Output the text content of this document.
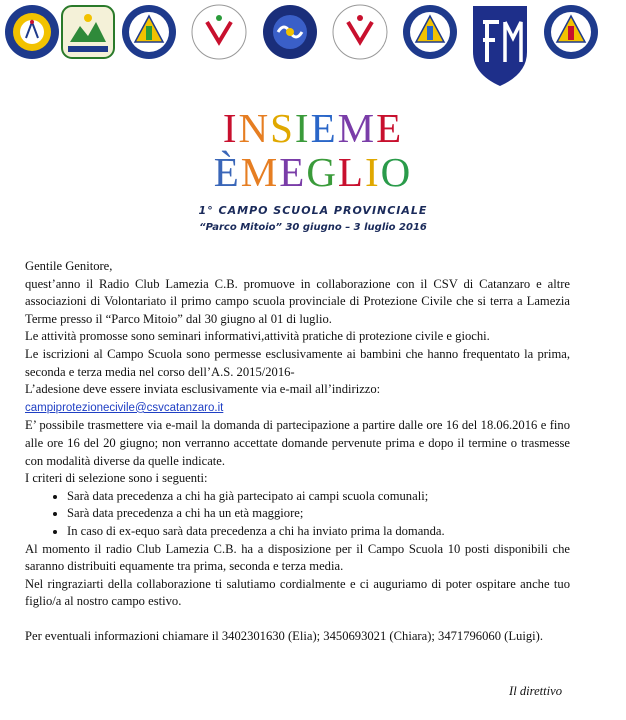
INSIEME
ÈMEGLIO
1° CAMPO SCUOLA PROVINCIALE
“Parco Mitoio” 30 giugno – 3 luglio 2016

Gentile Genitore,

quest’anno il Radio Club Lamezia C.B. promuove in collaborazione con il CSV di Catanzaro e altre associazioni di Volontariato il primo campo scuola provinciale di Protezione Civile che si terra a Lamezia Terme presso il “Parco Mitoio” dal 30 giugno al 01 di luglio.

Le attività promosse sono seminari informativi,attività pratiche di protezione civile e giochi.

Le iscrizioni al Campo Scuola sono permesse esclusivamente ai bambini che hanno frequentato la prima, seconda e terza media nel corso dell’A.S. 2015/2016-

L’adesione deve essere inviata esclusivamente via e-mail all’indirizzo:

campiprotezionecivile@csvcatanzaro.it

E’ possibile trasmettere via e-mail la domanda di partecipazione a partire dalle ore 16 del 18.06.2016 e fino alle ore 16 del 20 giugno; non verranno accettate domande pervenute prima e dopo il termine o trasmesse con modalità diverse da quelle indicate.

I criteri di selezione sono i seguenti:

• Sarà data precedenza a chi ha già partecipato ai campi scuola comunali;
• Sarà data precedenza a chi ha un età maggiore;
• In caso di ex-equo sarà data precedenza a chi ha inviato prima la domanda.

Al momento il radio Club Lamezia C.B. ha a disposizione per il Campo Scuola 10 posti disponibili che saranno distribuiti equamente tra prima, seconda e terza media.

Nel ringraziarti della collaborazione ti salutiamo cordialmente e ci auguriamo di poter ospitare anche tuo figlio/a al nostro campo estivo.

Per eventuali informazioni chiamare il 3402301630 (Elia); 3450693021 (Chiara); 3471796060 (Luigi).

Il direttivo
